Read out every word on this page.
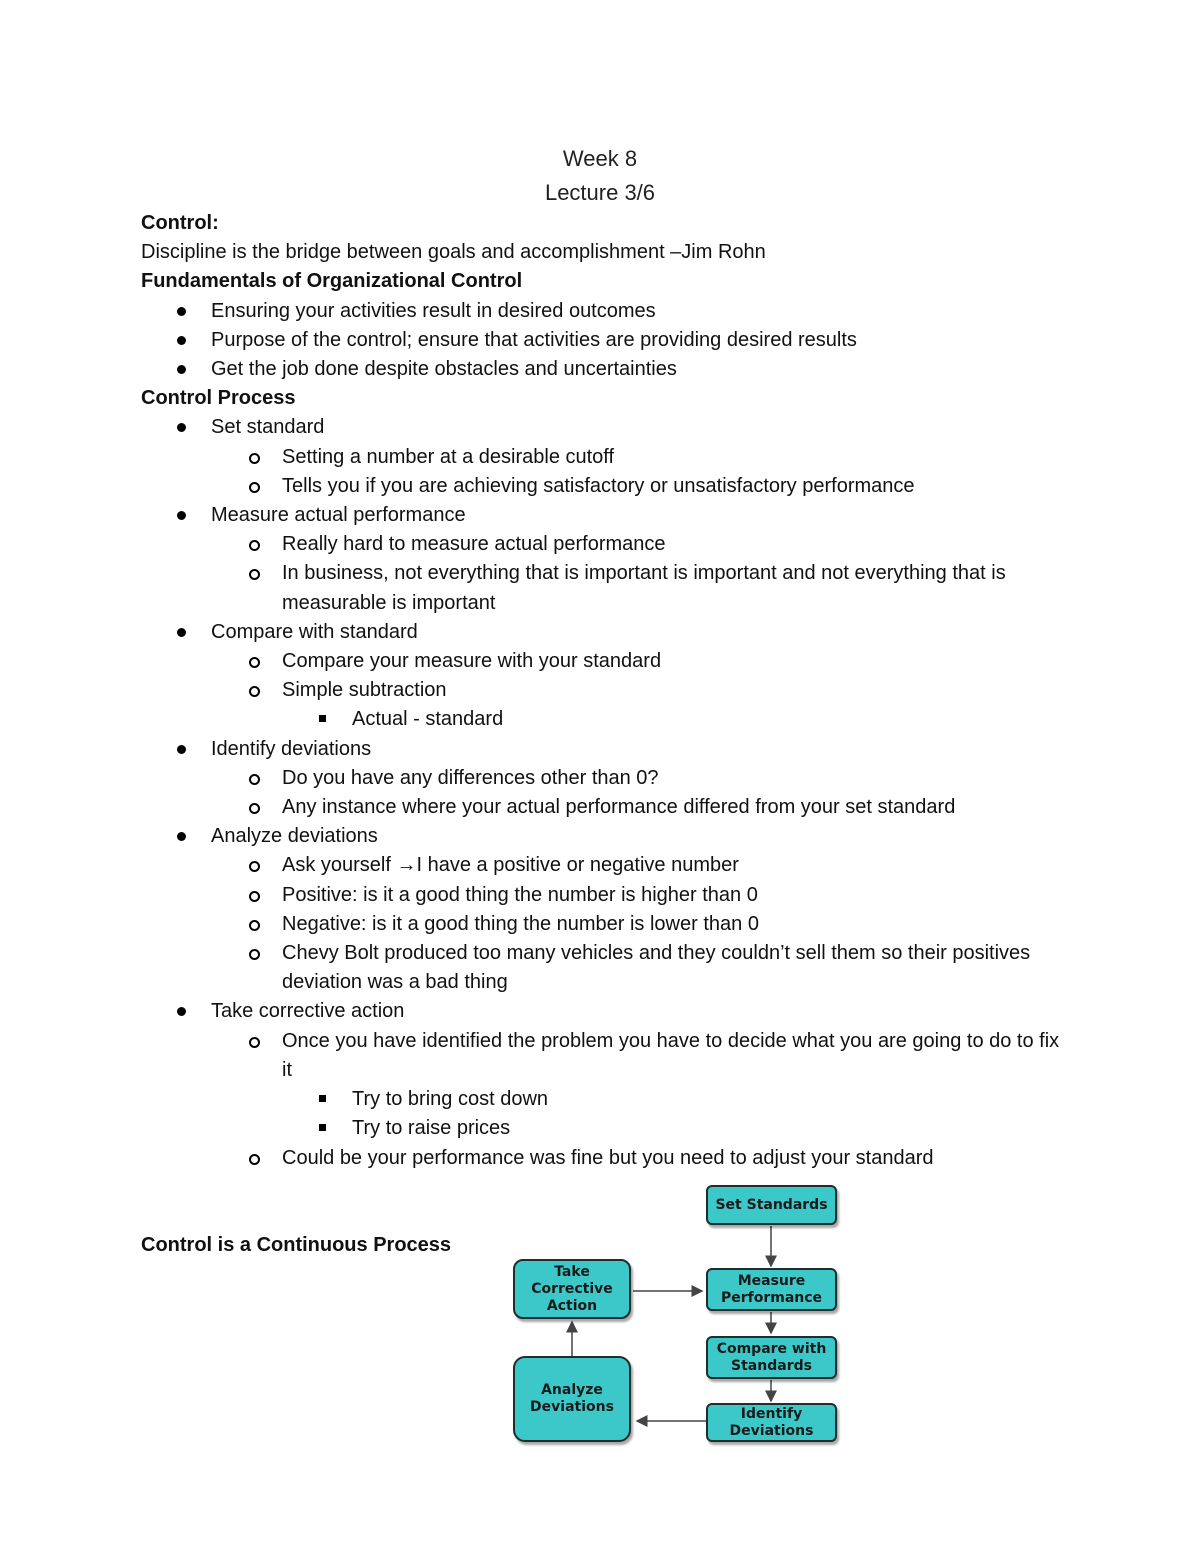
Week 8
Lecture 3/6
Control:
Discipline is the bridge between goals and accomplishment –Jim Rohn
Fundamentals of Organizational Control
Ensuring your activities result in desired outcomes
Purpose of the control; ensure that activities are providing desired results
Get the job done despite obstacles and uncertainties
Control Process
Set standard
Setting a number at a desirable cutoff
Tells you if you are achieving satisfactory or unsatisfactory performance
Measure actual performance
Really hard to measure actual performance
In business, not everything that is important is important and not everything that is measurable is important
Compare with standard
Compare your measure with your standard
Simple subtraction
Actual - standard
Identify deviations
Do you have any differences other than 0?
Any instance where your actual performance differed from your set standard
Analyze deviations
Ask yourself →I have a positive or negative number
Positive: is it a good thing the number is higher than 0
Negative: is it a good thing the number is lower than 0
Chevy Bolt produced too many vehicles and they couldn’t sell them so their positives deviation was a bad thing
Take corrective action
Once you have identified the problem you have to decide what you are going to do to fix it
Try to bring cost down
Try to raise prices
Could be your performance was fine but you need to adjust your standard
Control is a Continuous Process
Set Standards
Measure Performance
Compare with Standards
Identify Deviations
Analyze Deviations
Take Corrective Action
